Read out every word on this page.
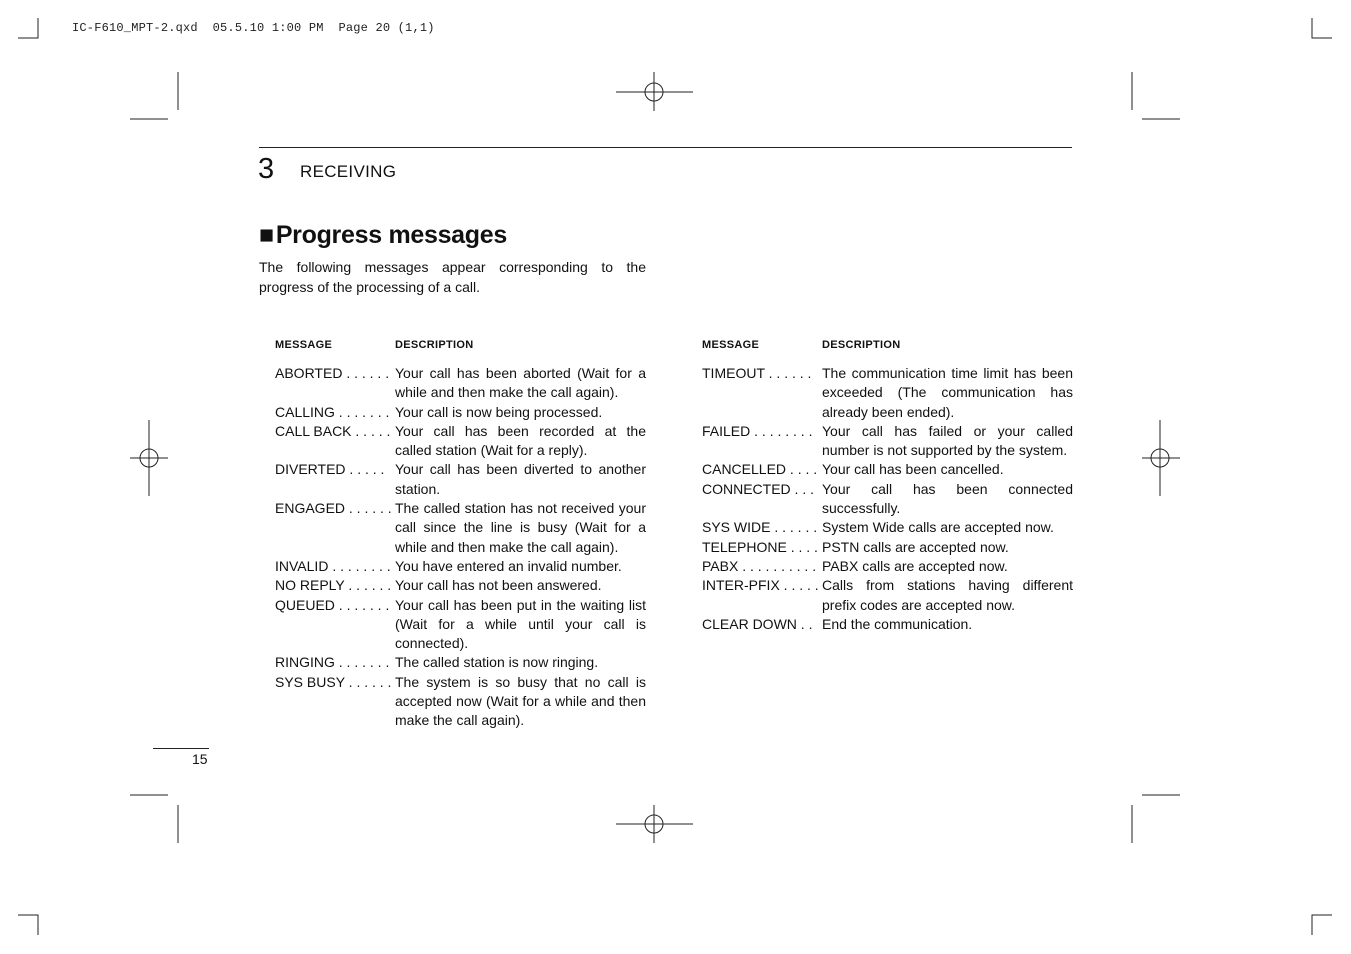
IC-F610_MPT-2.qxd  05.5.10 1:00 PM  Page 20 (1,1)
3 RECEIVING
■Progress messages

The following messages appear corresponding to the progress of the processing of a call.

MESSAGE	DESCRIPTION
ABORTED . . . . . . Your call has been aborted (Wait for a while and then make the call again).
CALLING . . . . . . . Your call is now being processed.
CALL BACK . . . . . Your call has been recorded at the called station (Wait for a reply).
DIVERTED . . . . . Your call has been diverted to another station.
ENGAGED . . . . . . The called station has not received your call since the line is busy (Wait for a while and then make the call again).
INVALID . . . . . . . . You have entered an invalid number.
NO REPLY . . . . . . Your call has not been answered.
QUEUED . . . . . . . Your call has been put in the waiting list (Wait for a while until your call is connected).
RINGING . . . . . . . The called station is now ringing.
SYS BUSY . . . . . . The system is so busy that no call is accepted now (Wait for a while and then make the call again).
MESSAGE	DESCRIPTION
TIMEOUT . . . . . . The communication time limit has been exceeded (The communication has already been ended).
FAILED . . . . . . . . Your call has failed or your called number is not supported by the system.
CANCELLED . . . . Your call has been cancelled.
CONNECTED . . . Your call has been connected successfully.
SYS WIDE . . . . . . System Wide calls are accepted now.
TELEPHONE . . . . PSTN calls are accepted now.
PABX . . . . . . . . . . PABX calls are accepted now.
INTER-PFIX . . . . . Calls from stations having different prefix codes are accepted now.
CLEAR DOWN . . End the communication.
15
